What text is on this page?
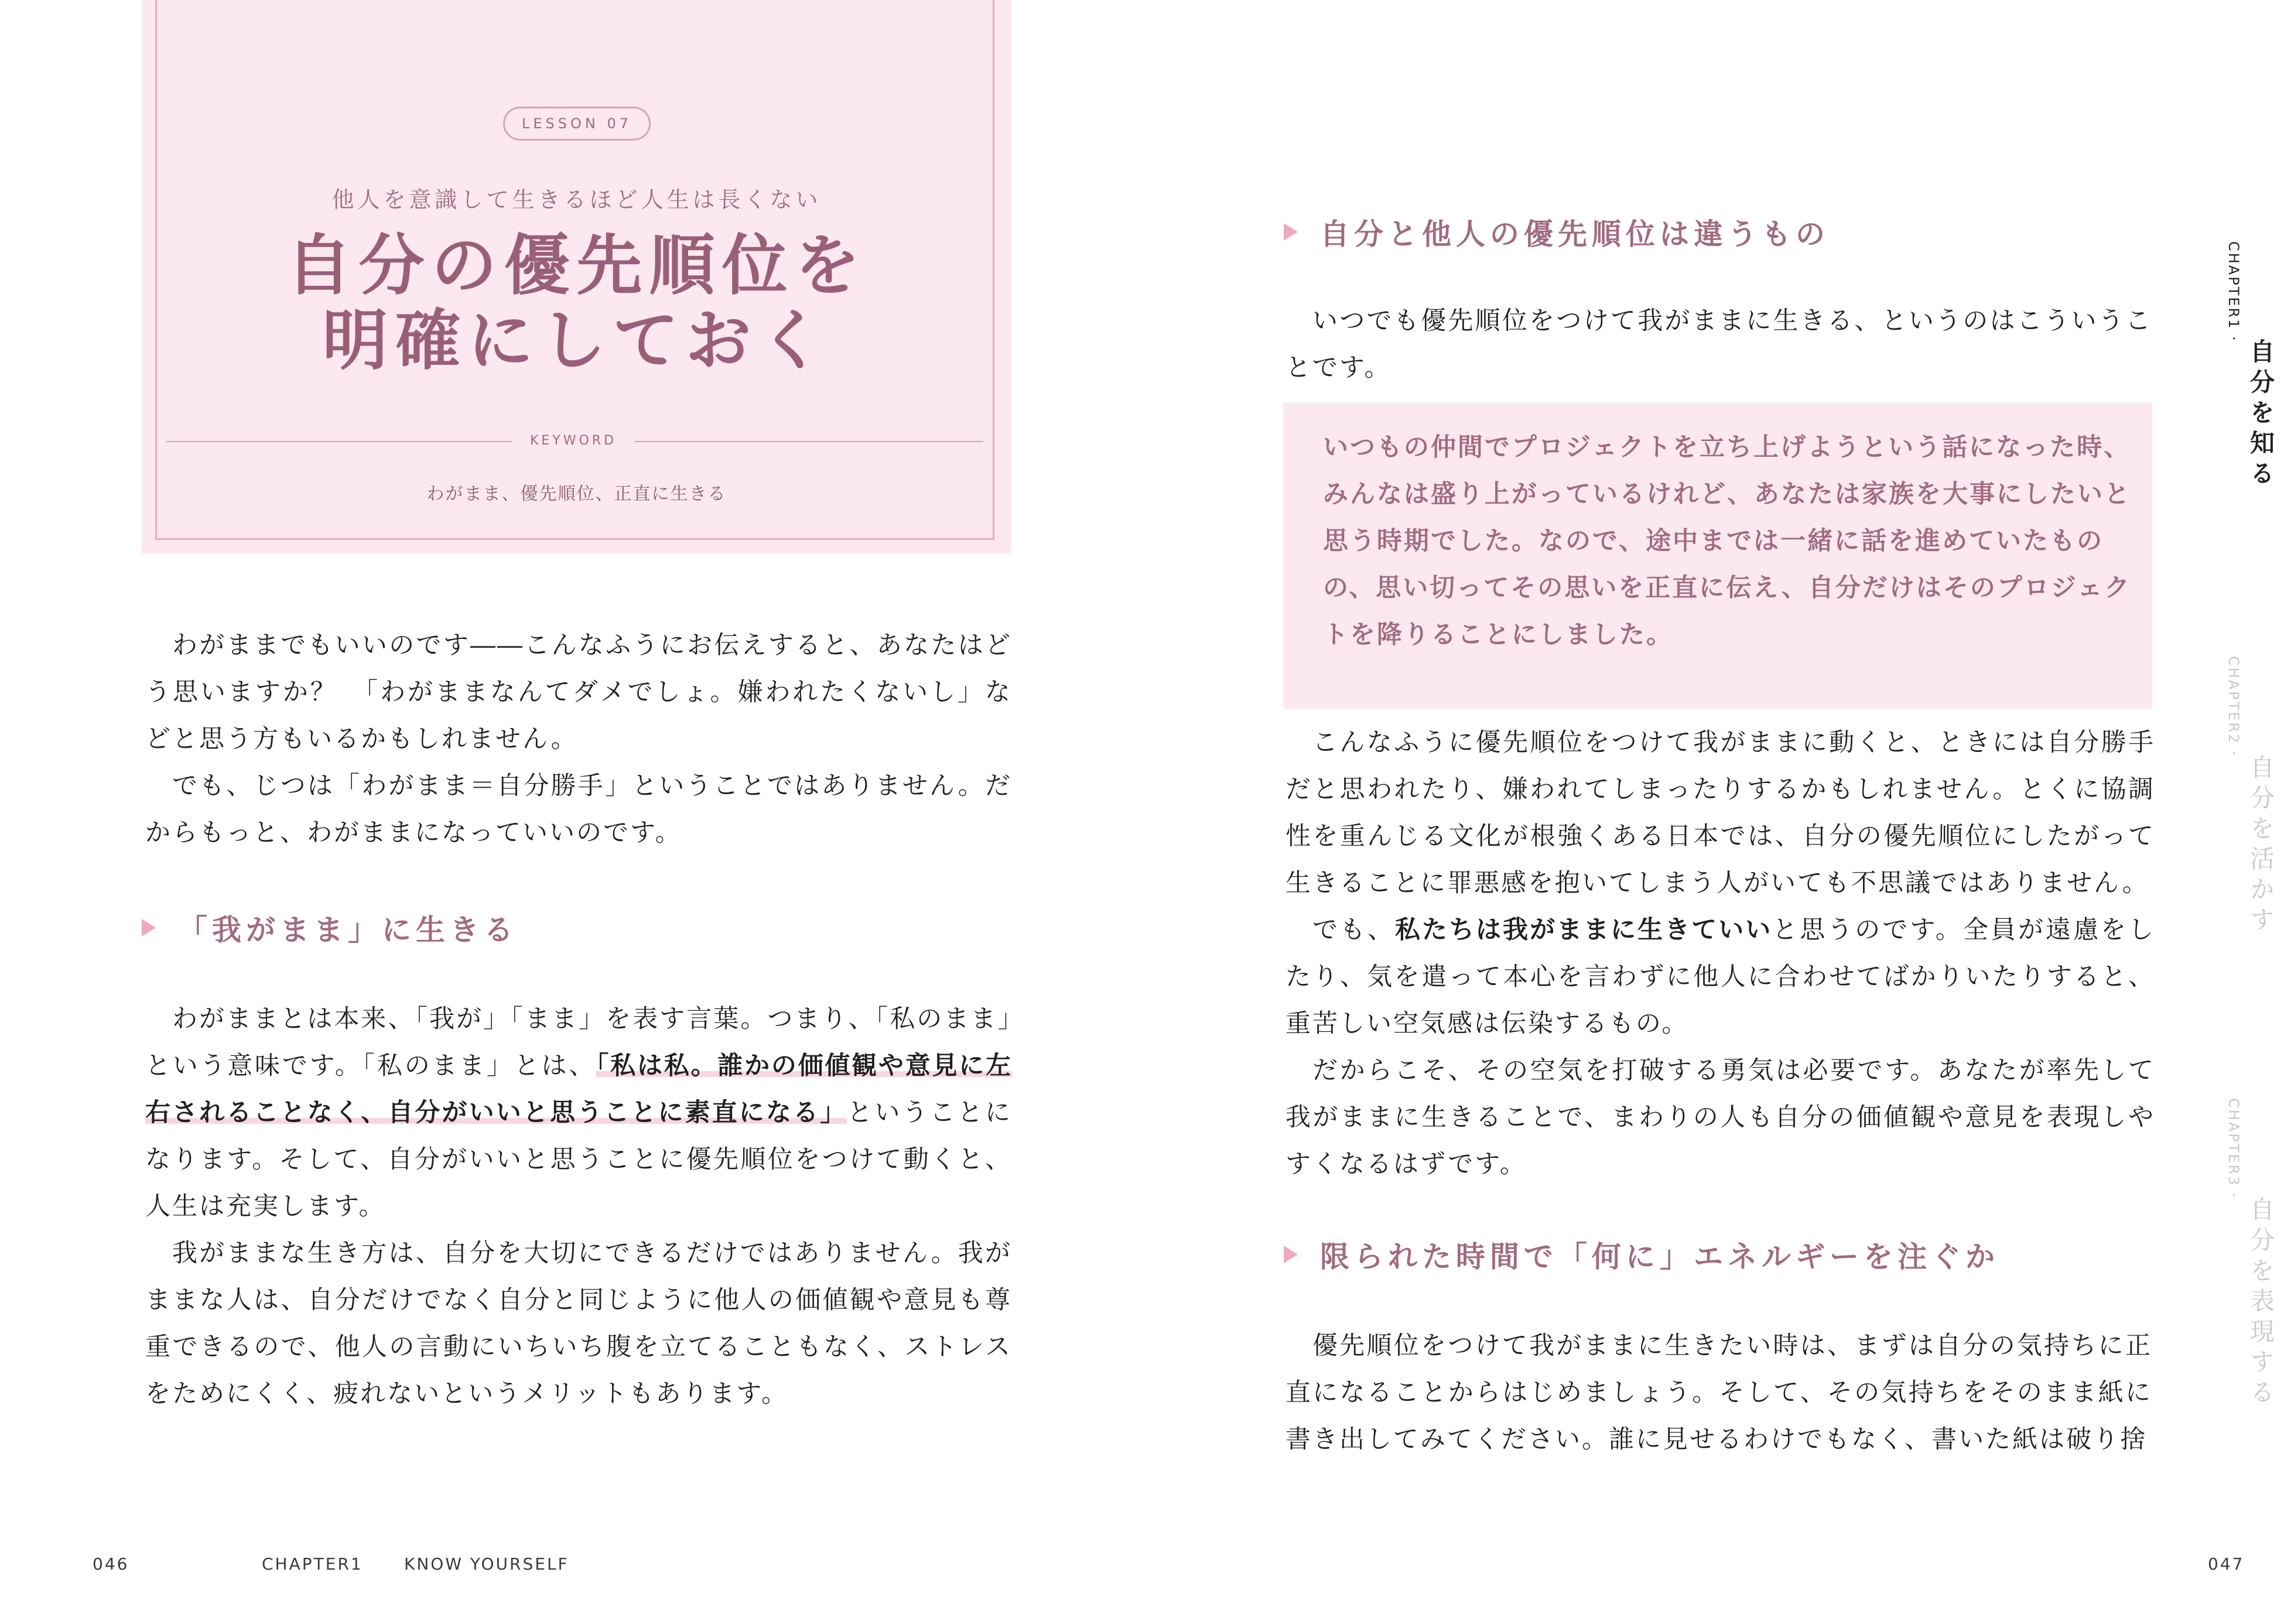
LESSON 07
他人を意識して生きるほど人生は長くない
自分の優先順位を
明確にしておく
KEYWORD
わがまま、優先順位、正直に生きる
わがままでもいいのです――こんなふうにお伝えすると、あなたはどう思いますか？　「わがままなんてダメでしょ。嫌われたくないし」などと思う方もいるかもしれません。
でも、じつは「わがまま＝自分勝手」ということではありません。だからもっと、わがままになっていいのです。
「我がまま」に生きる
わがままとは本来、「我が」「まま」を表す言葉。つまり、「私のまま」という意味です。「私のまま」とは、「私は私。誰かの価値観や意見に左右されることなく、自分がいいと思うことに素直になる」ということになります。そして、自分がいいと思うことに優先順位をつけて動くと、人生は充実します。
我がままな生き方は、自分を大切にできるだけではありません。我がままな人は、自分だけでなく自分と同じように他人の価値観や意見も尊重できるので、他人の言動にいちいち腹を立てることもなく、ストレスをためにくく、疲れないというメリットもあります。
自分と他人の優先順位は違うもの
いつでも優先順位をつけて我がままに生きる、というのはこういうことです。
いつもの仲間でプロジェクトを立ち上げようという話になった時、みんなは盛り上がっているけれど、あなたは家族を大事にしたいと思う時期でした。なので、途中までは一緒に話を進めていたものの、思い切ってその思いを正直に伝え、自分だけはそのプロジェクトを降りることにしました。
こんなふうに優先順位をつけて我がままに動くと、ときには自分勝手だと思われたり、嫌われてしまったりするかもしれません。とくに協調性を重んじる文化が根強くある日本では、自分の優先順位にしたがって生きることに罪悪感を抱いてしまう人がいても不思議ではありません。
でも、私たちは我がままに生きていいと思うのです。全員が遠慮をしたり、気を遣って本心を言わずに他人に合わせてばかりいたりすると、重苦しい空気感は伝染するもの。
だからこそ、その空気を打破する勇気は必要です。あなたが率先して我がままに生きることで、まわりの人も自分の価値観や意見を表現しやすくなるはずです。
限られた時間で「何に」エネルギーを注ぐか
優先順位をつけて我がままに生きたい時は、まずは自分の気持ちに正直になることからはじめましょう。そして、その気持ちをそのまま紙に書き出してみてください。誰に見せるわけでもなく、書いた紙は破り捨
CHAPTER1 ·
自分を知る
CHAPTER2 ·
自分を活かす
CHAPTER3 ·
自分を表現する
046	CHAPTER1	KNOW YOURSELF	047
